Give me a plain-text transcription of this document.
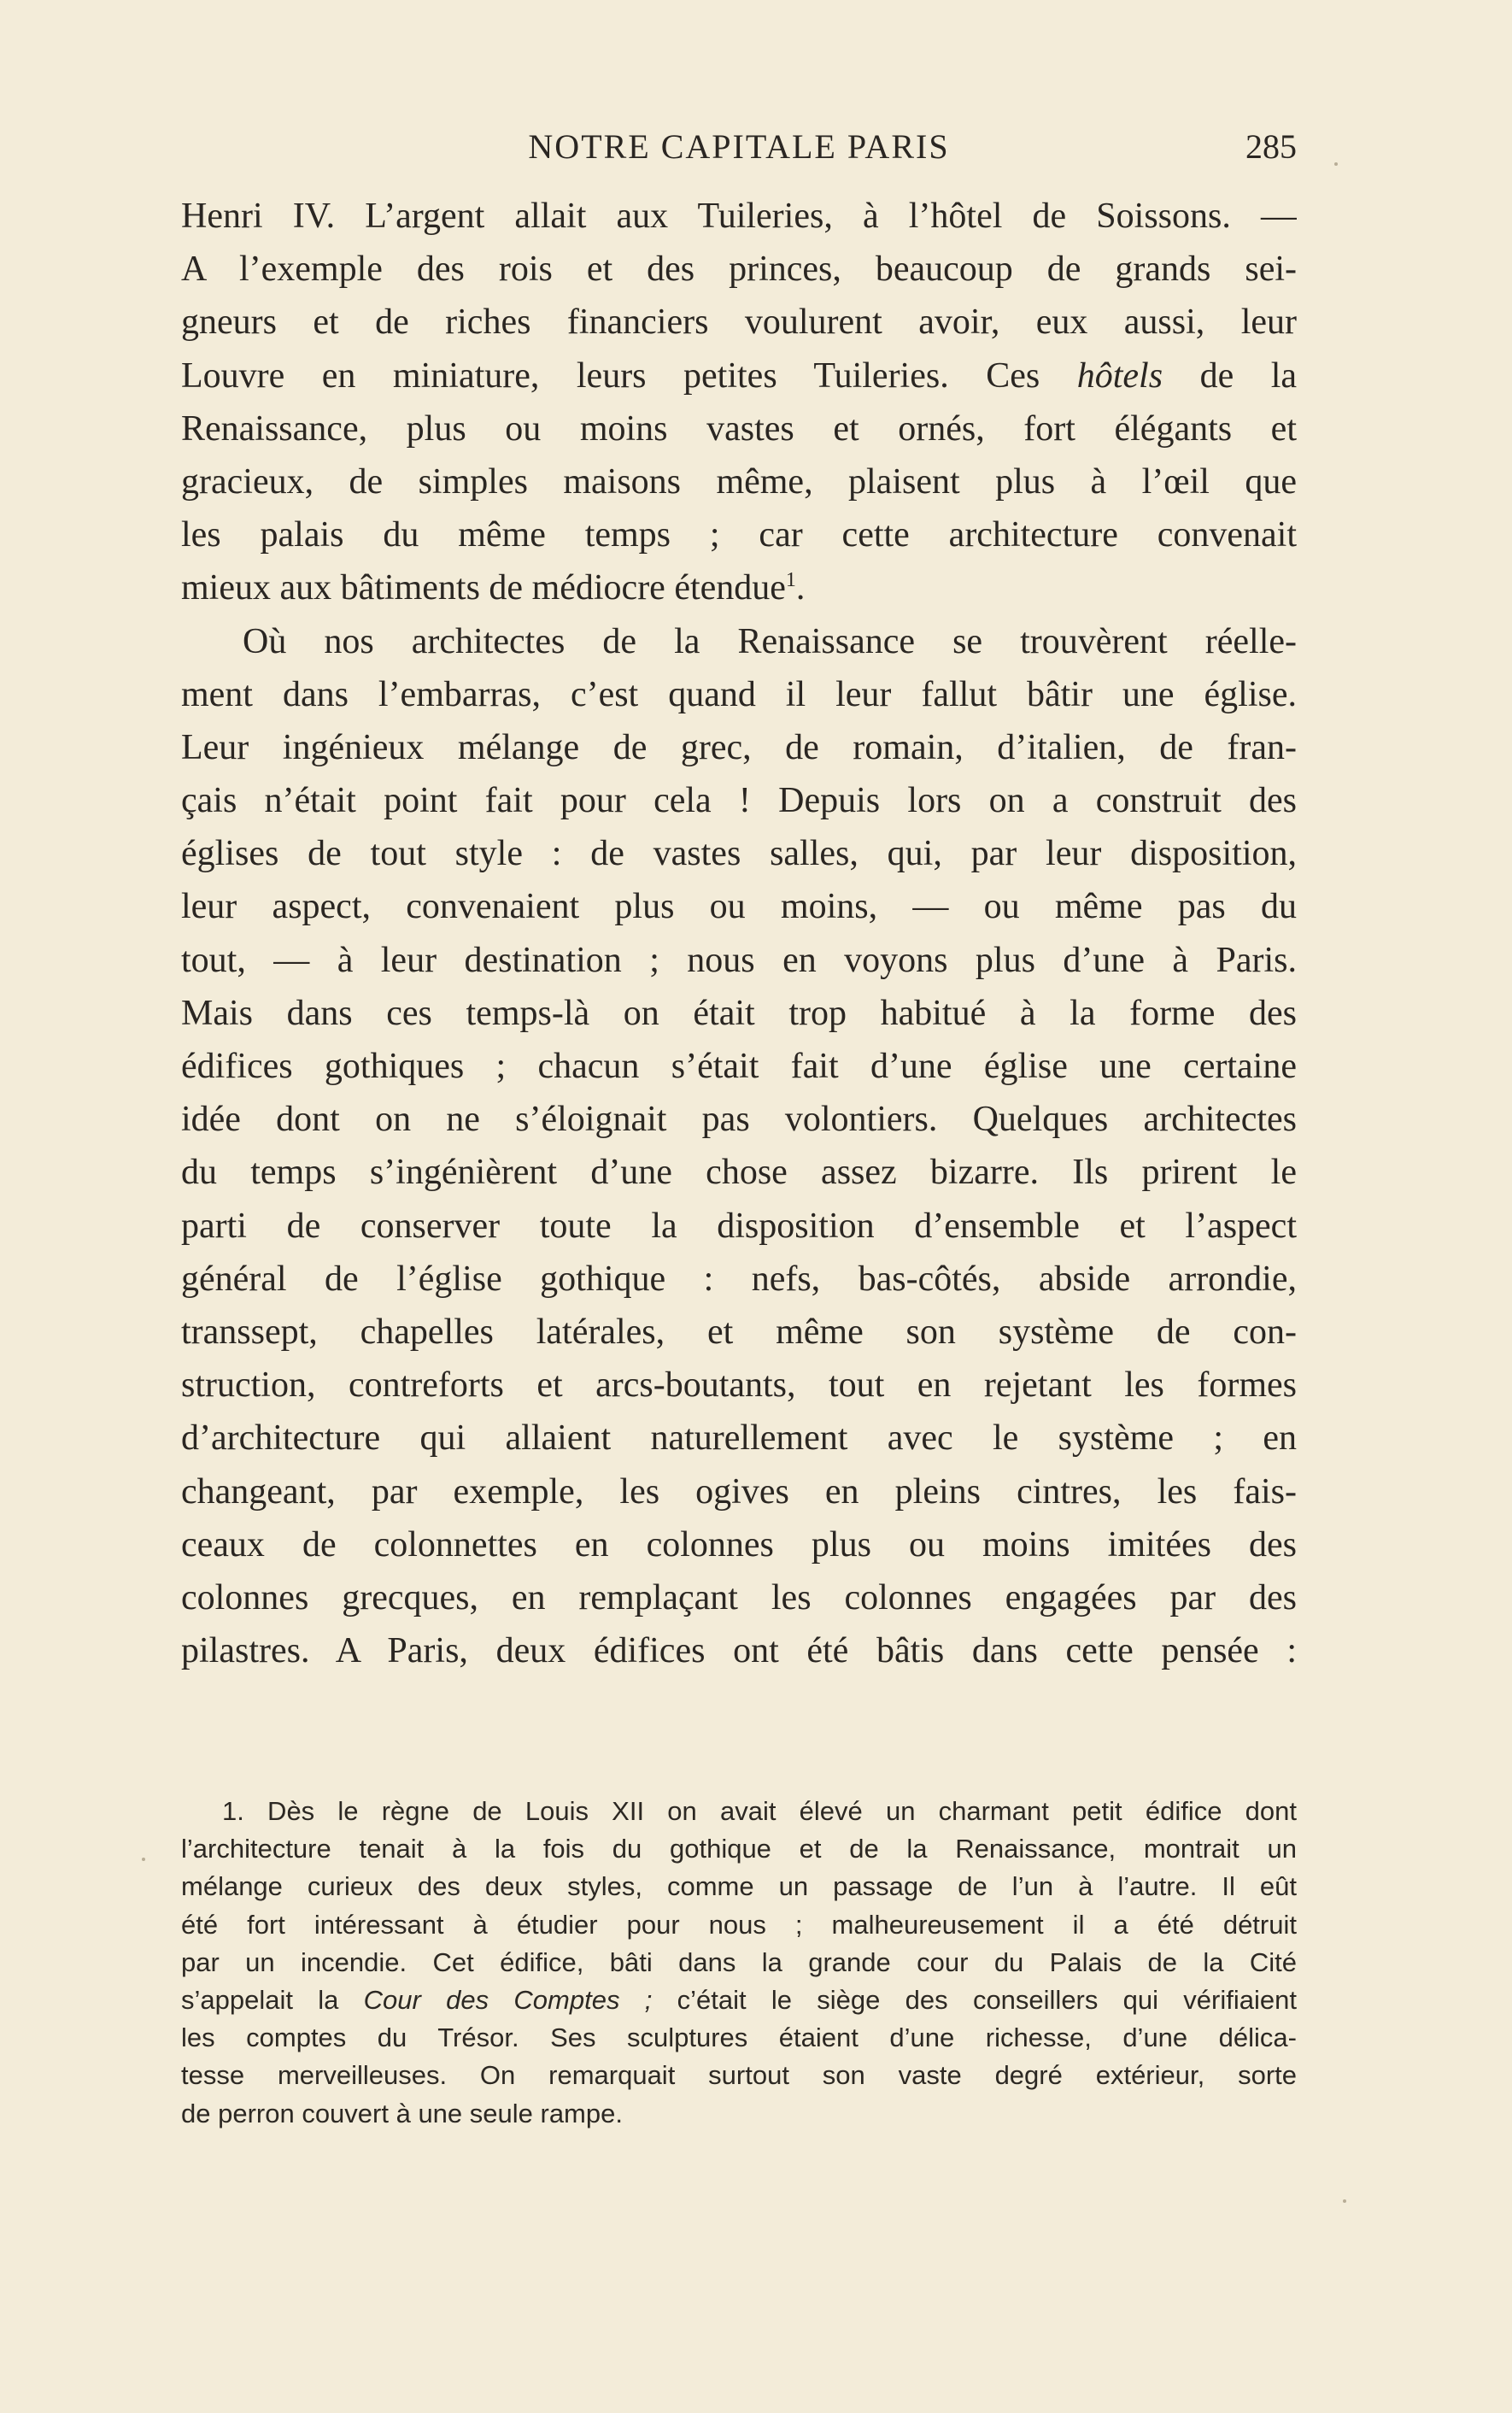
NOTRE CAPITALE PARIS	285
Henri IV. L’argent allait aux Tuileries, à l’hôtel de Soissons. —
A l’exemple des rois et des princes, beaucoup de grands sei-
gneurs et de riches financiers voulurent avoir, eux aussi, leur
Louvre en miniature, leurs petites Tuileries. Ces hôtels de la
Renaissance, plus ou moins vastes et ornés, fort élégants et
gracieux, de simples maisons même, plaisent plus à l’œil que
les palais du même temps ; car cette architecture convenait
mieux aux bâtiments de médiocre étendue$^1$.
Où nos architectes de la Renaissance se trouvèrent réelle-
ment dans l’embarras, c’est quand il leur fallut bâtir une église.
Leur ingénieux mélange de grec, de romain, d’italien, de fran-
çais n’était point fait pour cela ! Depuis lors on a construit des
églises de tout style : de vastes salles, qui, par leur disposition,
leur aspect, convenaient plus ou moins, — ou même pas du
tout, — à leur destination ; nous en voyons plus d’une à Paris.
Mais dans ces temps-là on était trop habitué à la forme des
édifices gothiques ; chacun s’était fait d’une église une certaine
idée dont on ne s’éloignait pas volontiers. Quelques architectes
du temps s’ingénièrent d’une chose assez bizarre. Ils prirent le
parti de conserver toute la disposition d’ensemble et l’aspect
général de l’église gothique : nefs, bas-côtés, abside arrondie,
transsept, chapelles latérales, et même son système de con-
struction, contreforts et arcs-boutants, tout en rejetant les formes
d’architecture qui allaient naturellement avec le système ; en
changeant, par exemple, les ogives en pleins cintres, les fais-
ceaux de colonnettes en colonnes plus ou moins imitées des
colonnes grecques, en remplaçant les colonnes engagées par des
pilastres. A Paris, deux édifices ont été bâtis dans cette pensée :
1. Dès le règne de Louis XII on avait élevé un charmant petit édifice dont
l’architecture tenait à la fois du gothique et de la Renaissance, montrait un
mélange curieux des deux styles, comme un passage de l’un à l’autre. Il eût
été fort intéressant à étudier pour nous ; malheureusement il a été détruit
par un incendie. Cet édifice, bâti dans la grande cour du Palais de la Cité
s’appelait la Cour des Comptes ; c’était le siège des conseillers qui vérifiaient
les comptes du Trésor. Ses sculptures étaient d’une richesse, d’une délica-
tesse merveilleuses. On remarquait surtout son vaste degré extérieur, sorte
de perron couvert à une seule rampe.
